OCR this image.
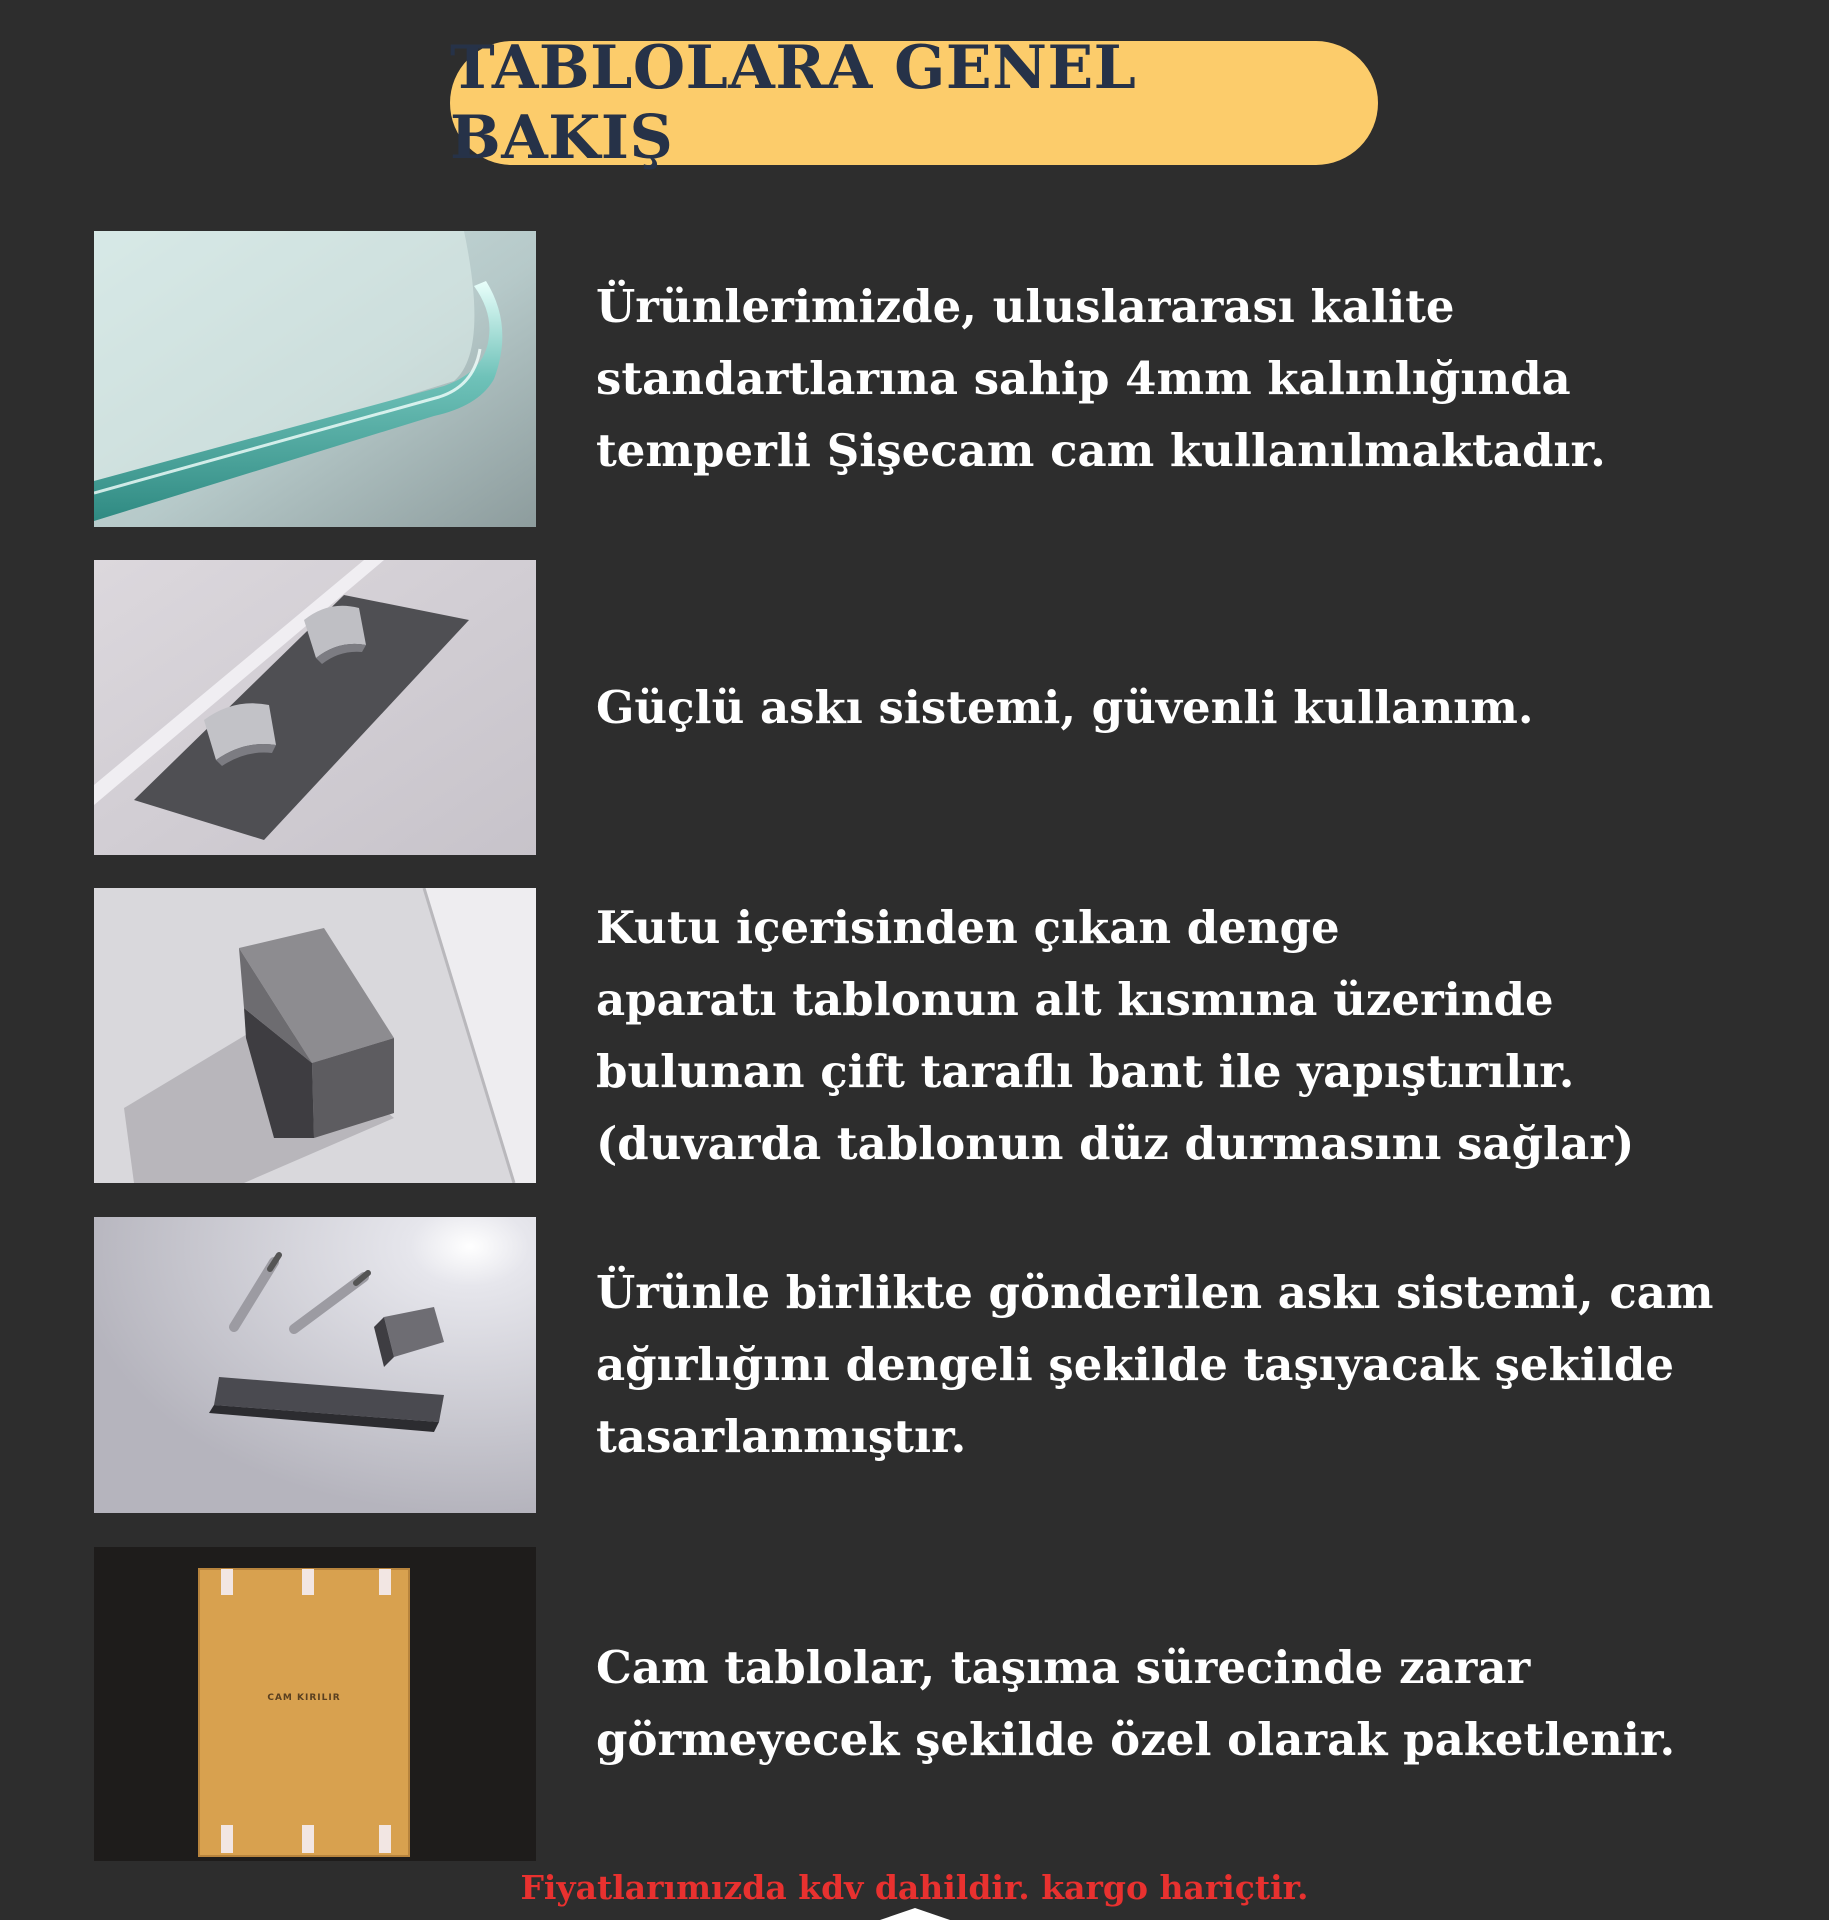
TABLOLARA GENEL BAKIŞ
Ürünlerimizde, uluslararası kalite
standartlarına sahip 4mm kalınlığında
temperli Şişecam cam kullanılmaktadır.
Güçlü askı sistemi, güvenli kullanım.
Kutu içerisinden çıkan denge
aparatı tablonun alt kısmına üzerinde
bulunan çift taraflı bant ile yapıştırılır.
(duvarda tablonun düz durmasını sağlar)
Ürünle birlikte gönderilen askı sistemi, cam
ağırlığını dengeli şekilde taşıyacak şekilde
tasarlanmıştır.
CAM KIRILIR
Cam tablolar, taşıma sürecinde zarar
görmeyecek şekilde özel olarak paketlenir.
Fiyatlarımızda kdv dahildir. kargo hariçtir.
